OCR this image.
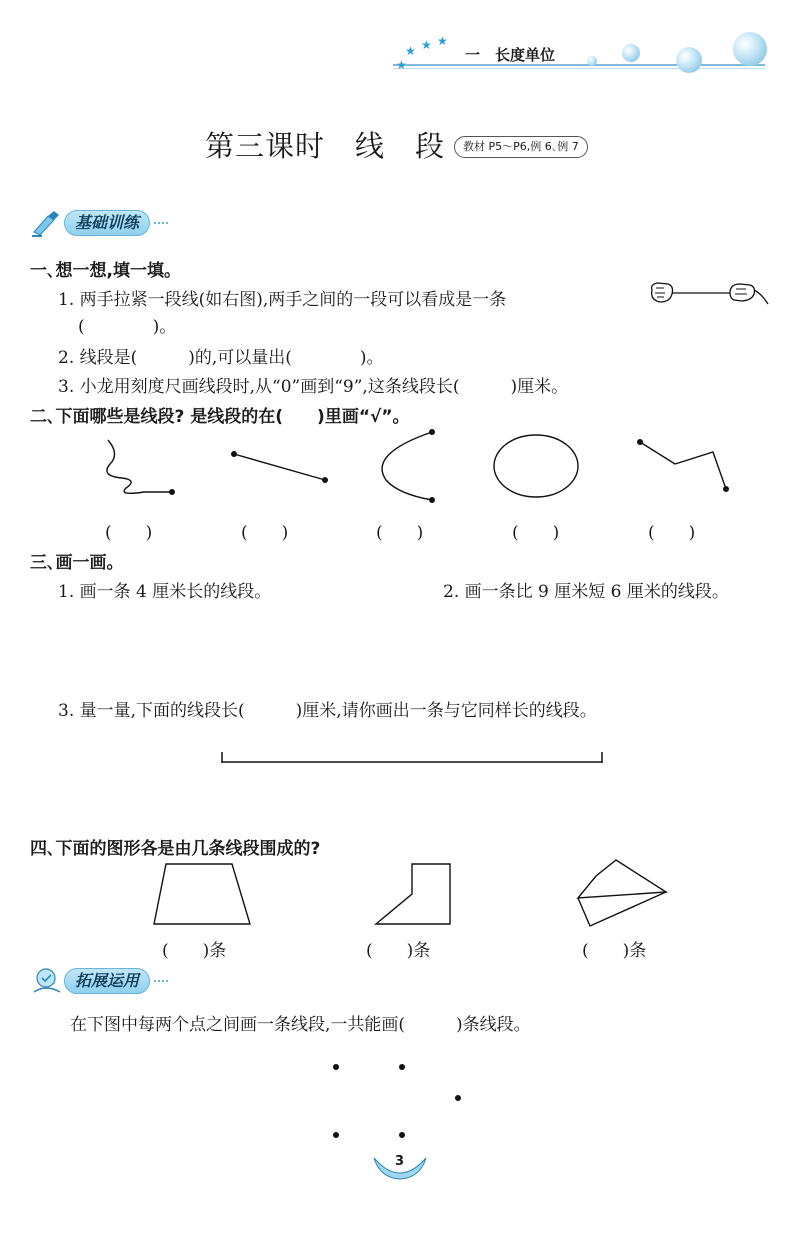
★
★ ★ ★
一　长度单位
第三课时　线　段	教材 P5～P6,例 6､例 7
基础训练
一､想一想,填一填｡
1. 两手拉紧一段线(如右图),两手之间的一段可以看成是一条
(　　　　)｡
2. 线段是(　　　)的,可以量出(　　　　)｡
3. 小龙用刻度尺画线段时,从“0”画到“9”,这条线段长(　　　)厘米｡
二､下面哪些是线段? 是线段的在(　　)里画“√”｡
(　　)	(　　)	(　　)	(　　)	(　　)
三､画一画｡
1. 画一条 4 厘米长的线段｡	2. 画一条比 9 厘米短 6 厘米的线段｡
3. 量一量,下面的线段长(　　　)厘米,请你画出一条与它同样长的线段｡
四､下面的图形各是由几条线段围成的?
(　　)条	(　　)条	(　　)条
拓展运用
在下图中每两个点之间画一条线段,一共能画(　　　)条线段｡
3
